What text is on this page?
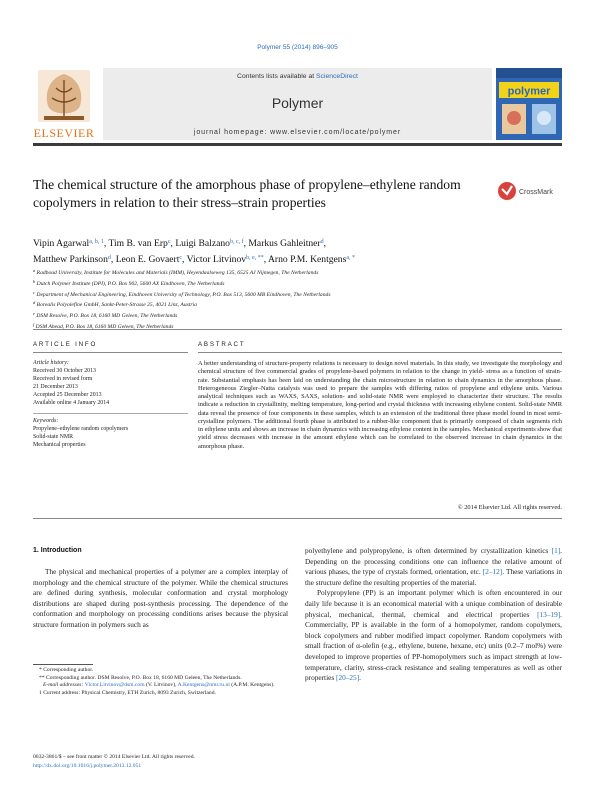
Polymer 55 (2014) 896–905
Contents lists available at ScienceDirect
Polymer
journal homepage: www.elsevier.com/locate/polymer
ELSEVIER
polymer
CrossMark
The chemical structure of the amorphous phase of propylene–ethylene random copolymers in relation to their stress–strain properties
Vipin Agarwal$^{a, b, 1}$, Tim B. van Erp$^c$, Luigi Balzano$^{b, c, f}$, Markus Gahleitner$^d$,
Matthew Parkinson$^d$, Leon E. Govaert$^c$, Victor Litvinov$^{b, e, **}$, Arno P.M. Kentgens$^{a, *}$
$^a$ Radboud University, Institute for Molecules and Materials (IMM), Heyendaalseweg 135, 6525 AJ Nijmegen, The Netherlands
$^b$ Dutch Polymer Institute (DPI), P.O. Box 902, 5600 AX Eindhoven, The Netherlands
$^c$ Department of Mechanical Engineering, Eindhoven University of Technology, P.O. Box 513, 5600 MB Eindhoven, The Netherlands
$^d$ Borealis Polyolefine GmbH, Sankt-Peter-Strasse 25, 4021 Linz, Austria
$^e$ DSM Resolve, P.O. Box 18, 6160 MD Geleen, The Netherlands
$^f$ DSM Ahead, P.O. Box 18, 6160 MD Geleen, The Netherlands
ARTICLE INFO	ABSTRACT
Article history:
Received 30 October 2013
Received in revised form
21 December 2013
Accepted 25 December 2013
Available online 4 January 2014
Keywords:
Propylene–ethylene random copolymers
Solid-state NMR
Mechanical properties
A better understanding of structure-property relations is necessary to design novel materials. In this study, we investigate the morphology and chemical structure of five commercial grades of propylene-based polymers in relation to the change in yield- stress as a function of strain-rate. Substantial emphasis has been laid on understanding the chain microstructure in relation to chain dynamics in the amorphous phase. Heterogeneous Ziegler–Natta catalysis was used to prepare the samples with differing ratios of propylene and ethylene units. Various analytical techniques such as WAXS, SAXS, solution- and solid-state NMR were employed to characterize their structure. The results indicate a reduction in crystallinity, melting temperature, long-period and crystal thickness with increasing ethylene content. Solid-state NMR data reveal the presence of four components in these samples, which is an extension of the traditional three phase model found in most semi-crystalline polymers. The additional fourth phase is attributed to a rubber-like component that is primarily composed of chain segments rich in ethylene units and shows an increase in chain dynamics with increasing ethylene content in the samples. Mechanical experiments show that yield stress decreases with increase in the amount ethylene which can be correlated to the observed increase in chain dynamics in the amorphous phase.
© 2014 Elsevier Ltd. All rights reserved.
1. Introduction

The physical and mechanical properties of a polymer are a complex interplay of morphology and the chemical structure of the polymer. While the chemical structures are defined during synthesis, molecular conformation and crystal morphology distributions are shaped during post-synthesis processing. The dependence of the conformation and morphology on processing conditions arises because the physical structure formation in polymers such as

polyethylene and polypropylene, is often determined by crystallization kinetics [1]. Depending on the processing conditions one can influence the relative amount of various phases, the type of crystals formed, orientation, etc. [2–12]. These variations in the structure define the resulting properties of the material.

Polypropylene (PP) is an important polymer which is often encountered in our daily life because it is an economical material with a unique combination of desirable physical, mechanical, thermal, chemical and electrical properties [13–19]. Commercially, PP is available in the form of a homopolymer, random copolymers, block copolymers and rubber modified impact copolymer. Random copolymers with small fraction of α-olefin (e.g., ethylene, butene, hexane, etc) units (0.2–7 mol%) were developed to improve properties of PP-homopolymers such as impact strength at low-temperature, clarity, stress-crack resistance and sealing temperatures as well as other properties [20–25].

* Corresponding author.
** Corresponding author. DSM Resolve, P.O. Box 18, 6160 MD Geleen, The Netherlands.
E-mail addresses: Victor.Litvinov@dsm.com (V. Litvinov), A.Kentgens@nmr.ru.nl (A.P.M. Kentgens).
1 Current address: Physical Chemistry, ETH Zurich, 8093 Zurich, Switzerland.
0032-3861/$ – see front matter © 2014 Elsevier Ltd. All rights reserved.
http://dx.doi.org/10.1016/j.polymer.2013.12.051
